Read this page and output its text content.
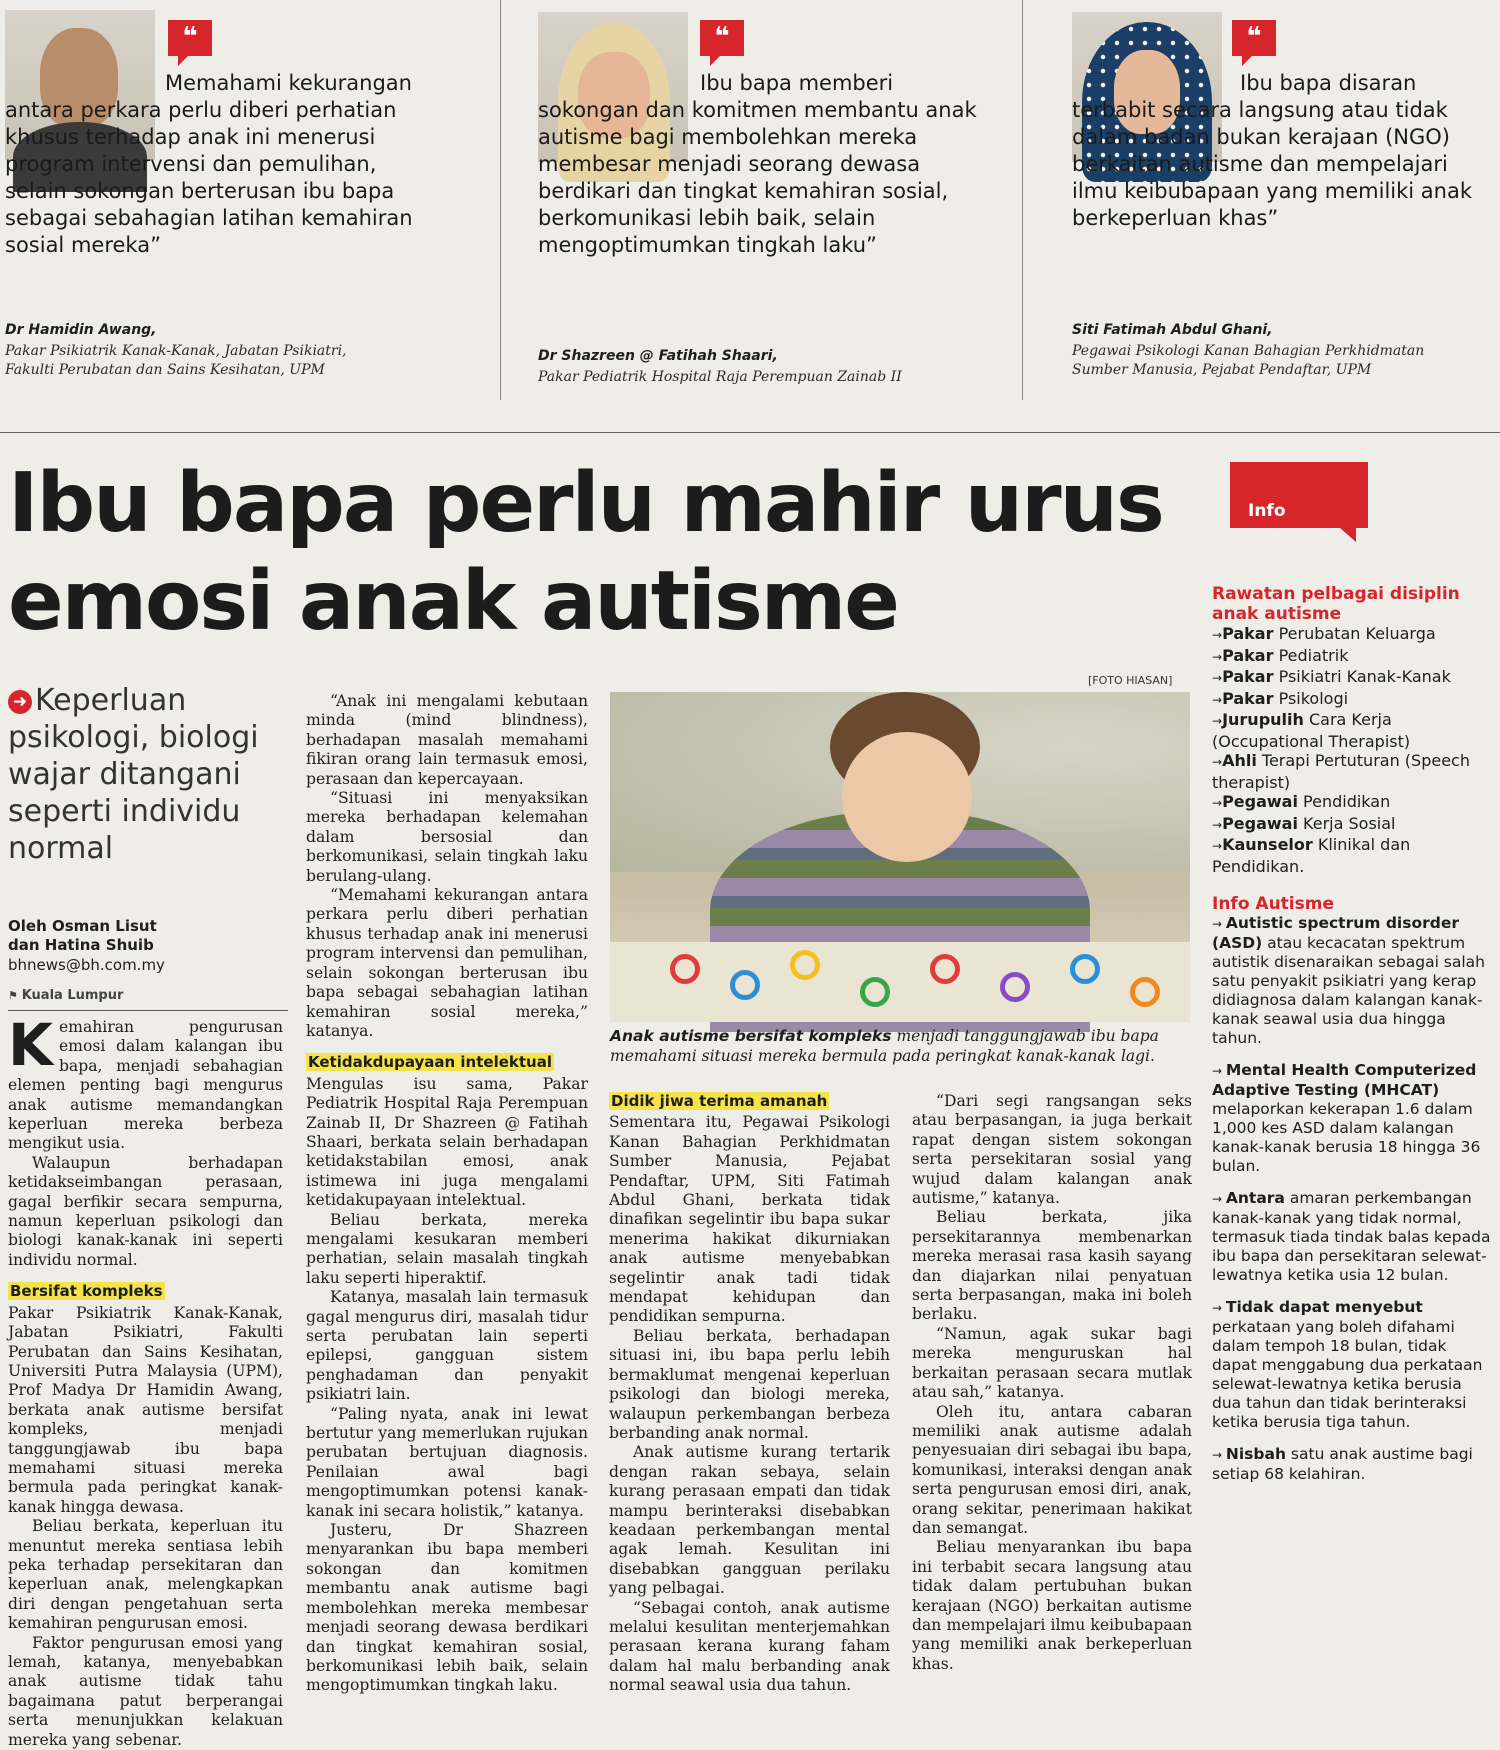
❝
Memahami kekurangan antara perkara perlu diberi perhatian khusus terhadap anak ini menerusi program intervensi dan pemulihan, selain sokongan berterusan ibu bapa sebagai sebahagian latihan kemahiran sosial mereka”
Dr Hamidin Awang,
Pakar Psikiatrik Kanak-Kanak, Jabatan Psikiatri, Fakulti Perubatan dan Sains Kesihatan, UPM
❝
Ibu bapa memberi sokongan dan komitmen membantu anak autisme bagi membolehkan mereka membesar menjadi seorang dewasa berdikari dan tingkat kemahiran sosial, berkomunikasi lebih baik, selain mengoptimumkan tingkah laku”
Dr Shazreen @ Fatihah Shaari,
Pakar Pediatrik Hospital Raja Perempuan Zainab II
❝
Ibu bapa disaran terbabit secara langsung atau tidak dalam badan bukan kerajaan (NGO) berkaitan autisme dan mempelajari ilmu keibubapaan yang memiliki anak berkeperluan khas”
Siti Fatimah Abdul Ghani,
Pegawai Psikologi Kanan Bahagian Perkhidmatan Sumber Manusia, Pejabat Pendaftar, UPM
Ibu bapa perlu mahir urus emosi anak autisme
➜ Keperluan psikologi, biologi wajar ditangani seperti individu normal
Oleh Osman Lisut dan Hatina Shuib
bhnews@bh.com.my
⚑ Kuala Lumpur

Kemahiran pengurusan emosi dalam kalangan ibu bapa, menjadi sebahagian elemen penting bagi mengurus anak autisme memandangkan keperluan mereka berbeza mengikut usia.

Walaupun berhadapan ketidakseimbangan perasaan, gagal berfikir secara sempurna, namun keperluan psikologi dan biologi kanak-kanak ini seperti individu normal.

Bersifat kompleks

Pakar Psikiatrik Kanak-Kanak, Jabatan Psikiatri, Fakulti Perubatan dan Sains Kesihatan, Universiti Putra Malaysia (UPM), Prof Madya Dr Hamidin Awang, berkata anak autisme bersifat kompleks, menjadi tanggungjawab ibu bapa memahami situasi mereka bermula pada peringkat kanak-kanak hingga dewasa.

Beliau berkata, keperluan itu menuntut mereka sentiasa lebih peka terhadap persekitaran dan keperluan anak, melengkapkan diri dengan pengetahuan serta kemahiran pengurusan emosi.

Faktor pengurusan emosi yang lemah, katanya, menyebabkan anak autisme tidak tahu bagaimana patut berperangai serta menunjukkan kelakuan mereka yang sebenar.

“Anak ini mengalami kebutaan minda (mind blindness), berhadapan masalah memahami fikiran orang lain termasuk emosi, perasaan dan kepercayaan.

“Situasi ini menyaksikan mereka berhadapan kelemahan dalam bersosial dan berkomunikasi, selain tingkah laku berulang-ulang.

“Memahami kekurangan antara perkara perlu diberi perhatian khusus terhadap anak ini menerusi program intervensi dan pemulihan, selain sokongan berterusan ibu bapa sebagai sebahagian latihan kemahiran sosial mereka,” katanya.

Ketidakdupayaan intelektual

Mengulas isu sama, Pakar Pediatrik Hospital Raja Perempuan Zainab II, Dr Shazreen @ Fatihah Shaari, berkata selain berhadapan ketidakstabilan emosi, anak istimewa ini juga mengalami ketidakupayaan intelektual.

Beliau berkata, mereka mengalami kesukaran memberi perhatian, selain masalah tingkah laku seperti hiperaktif.

Katanya, masalah lain termasuk gagal mengurus diri, masalah tidur serta perubatan lain seperti epilepsi, gangguan sistem penghadaman dan penyakit psikiatri lain.

“Paling nyata, anak ini lewat bertutur yang memerlukan rujukan perubatan bertujuan diagnosis. Penilaian awal bagi mengoptimumkan potensi kanak-kanak ini secara holistik,” katanya.

Justeru, Dr Shazreen menyarankan ibu bapa memberi sokongan dan komitmen membantu anak autisme bagi membolehkan mereka membesar menjadi seorang dewasa berdikari dan tingkat kemahiran sosial, berkomunikasi lebih baik, selain mengoptimumkan tingkah laku.

[FOTO HIASAN]
Anak autisme bersifat kompleks menjadi tanggungjawab ibu bapa memahami situasi mereka bermula pada peringkat kanak-kanak lagi.
Didik jiwa terima amanah

Sementara itu, Pegawai Psikologi Kanan Bahagian Perkhidmatan Sumber Manusia, Pejabat Pendaftar, UPM, Siti Fatimah Abdul Ghani, berkata tidak dinafikan segelintir ibu bapa sukar menerima hakikat dikurniakan anak autisme menyebabkan segelintir anak tadi tidak mendapat kehidupan dan pendidikan sempurna.

Beliau berkata, berhadapan situasi ini, ibu bapa perlu lebih bermaklumat mengenai keperluan psikologi dan biologi mereka, walaupun perkembangan berbeza berbanding anak normal.

Anak autisme kurang tertarik dengan rakan sebaya, selain kurang perasaan empati dan tidak mampu berinteraksi disebabkan keadaan perkembangan mental agak lemah. Kesulitan ini disebabkan gangguan perilaku yang pelbagai.

“Sebagai contoh, anak autisme melalui kesulitan menterjemahkan perasaan kerana kurang faham dalam hal malu berbanding anak normal seawal usia dua tahun.

“Dari segi rangsangan seks atau berpasangan, ia juga berkait rapat dengan sistem sokongan serta persekitaran sosial yang wujud dalam kalangan anak autisme,” katanya.

Beliau berkata, jika persekitarannya membenarkan mereka merasai rasa kasih sayang dan diajarkan nilai penyatuan serta berpasangan, maka ini boleh berlaku.

“Namun, agak sukar bagi mereka menguruskan hal berkaitan perasaan secara mutlak atau sah,” katanya.

Oleh itu, antara cabaran memiliki anak autisme adalah penyesuaian diri sebagai ibu bapa, komunikasi, interaksi dengan anak serta pengurusan emosi diri, anak, orang sekitar, penerimaan hakikat dan semangat.

Beliau menyarankan ibu bapa ini terbabit secara langsung atau tidak dalam pertubuhan bukan kerajaan (NGO) berkaitan autisme dan mempelajari ilmu keibubapaan yang memiliki anak berkeperluan khas.

Info
Rawatan pelbagai disiplin anak autisme
→ Pakar Perubatan Keluarga
→ Pakar Pediatrik
→ Pakar Psikiatri Kanak-Kanak
→ Pakar Psikologi
→ Jurupulih Cara Kerja (Occupational Therapist)
→ Ahli Terapi Pertuturan (Speech therapist)
→ Pegawai Pendidikan
→ Pegawai Kerja Sosial
→ Kaunselor Klinikal dan Pendidikan.
Info Autisme
→ Autistic spectrum disorder (ASD) atau kecacatan spektrum autistik disenaraikan sebagai salah satu penyakit psikiatri yang kerap didiagnosa dalam kalangan kanak-kanak seawal usia dua hingga tahun.
→ Mental Health Computerized Adaptive Testing (MHCAT) melaporkan kekerapan 1.6 dalam 1,000 kes ASD dalam kalangan kanak-kanak berusia 18 hingga 36 bulan.
→ Antara amaran perkembangan kanak-kanak yang tidak normal, termasuk tiada tindak balas kepada ibu bapa dan persekitaran selewat-lewatnya ketika usia 12 bulan.
→ Tidak dapat menyebut perkataan yang boleh difahami dalam tempoh 18 bulan, tidak dapat menggabung dua perkataan selewat-lewatnya ketika berusia dua tahun dan tidak berinteraksi ketika berusia tiga tahun.
→ Nisbah satu anak austime bagi setiap 68 kelahiran.
